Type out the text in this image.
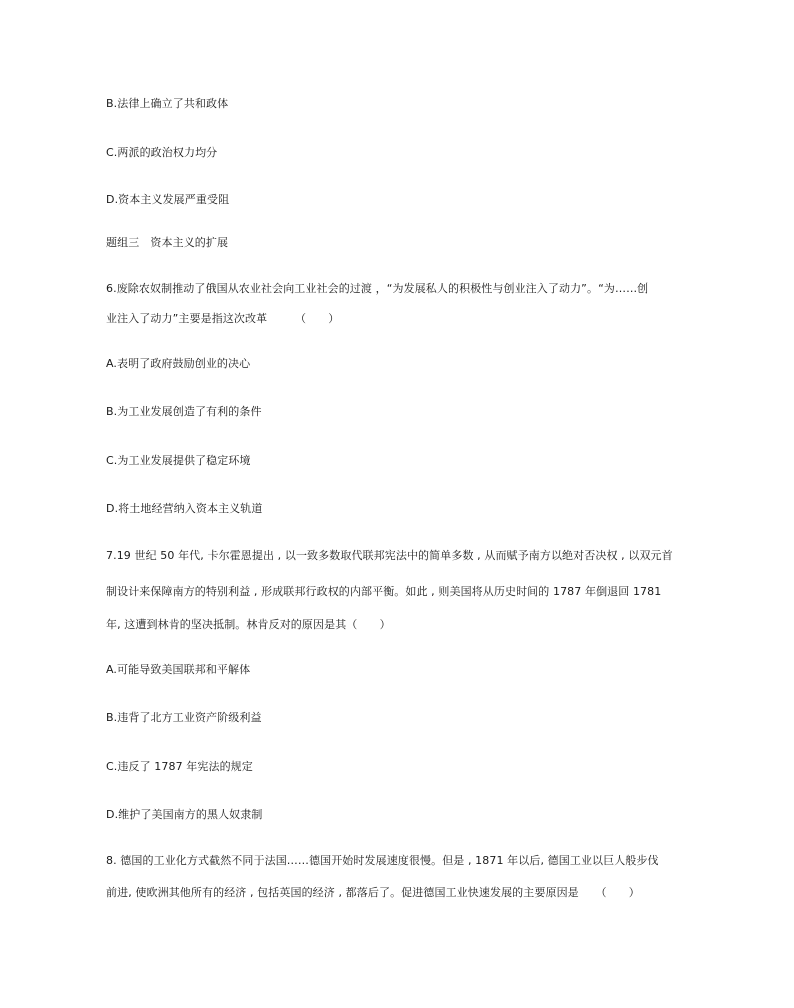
B.法律上确立了共和政体
C.两派的政治权力均分
D.资本主义发展严重受阻
题组三　资本主义的扩展
6.废除农奴制推动了俄国从农业社会向工业社会的过渡 ，“为发展私人的积极性与创业注入了动力”。“为……创
业注入了动力”主要是指这次改革　　　（　　）
A.表明了政府鼓励创业的决心
B.为工业发展创造了有利的条件
C.为工业发展提供了稳定环境
D.将土地经营纳入资本主义轨道
7.19 世纪 50 年代, 卡尔霍恩提出 , 以一致多数取代联邦宪法中的简单多数 , 从而赋予南方以绝对否决权 , 以双元首
制设计来保障南方的特别利益 , 形成联邦行政权的内部平衡。如此 , 则美国将从历史时间的 1787 年倒退回 1781
年, 这遭到林肯的坚决抵制。林肯反对的原因是其（　　）
A.可能导致美国联邦和平解体
B.违背了北方工业资产阶级利益
C.违反了 1787 年宪法的规定
D.维护了美国南方的黑人奴隶制
8. 德国的工业化方式截然不同于法国……德国开始时发展速度很慢。但是 , 1871 年以后, 德国工业以巨人般步伐
前进, 使欧洲其他所有的经济 , 包括英国的经济 , 都落后了。促进德国工业快速发展的主要原因是　　（　　）
